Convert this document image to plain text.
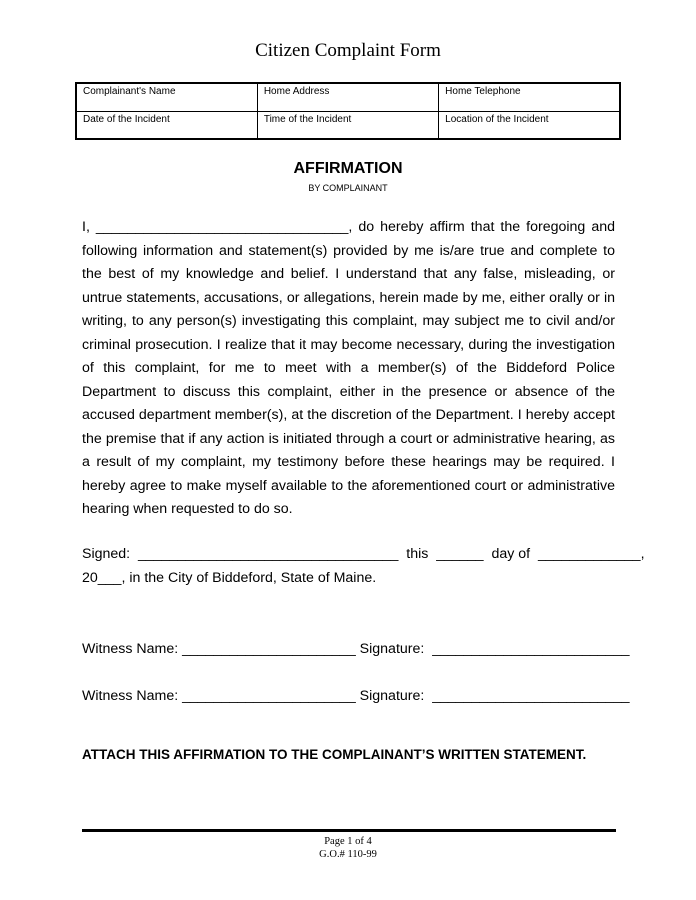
Citizen Complaint Form
Complainant's Name	Home Address	Home Telephone
Date of the Incident	Time of the Incident	Location of the Incident
AFFIRMATION
BY COMPLAINANT

I, ________________________________, do hereby affirm that the foregoing and following information and statement(s) provided by me is/are true and complete to the best of my knowledge and belief. I understand that any false, misleading, or untrue statements, accusations, or allegations, herein made by me, either orally or in writing, to any person(s) investigating this complaint, may subject me to civil and/or criminal prosecution. I realize that it may become necessary, during the investigation of this complaint, for me to meet with a member(s) of the Biddeford Police Department to discuss this complaint, either in the presence or absence of the accused department member(s), at the discretion of the Department. I hereby accept the premise that if any action is initiated through a court or administrative hearing, as a result of my complaint, my testimony before these hearings may be required. I hereby agree to make myself available to the aforementioned court or administrative hearing when requested to do so.

Signed:  _________________________________  this  ______  day of  _____________,
20___, in the City of Biddeford, State of Maine.
Witness Name: ______________________ Signature:  _________________________
Witness Name: ______________________ Signature:  _________________________
ATTACH THIS AFFIRMATION TO THE COMPLAINANT’S WRITTEN STATEMENT.
Page 1 of 4
G.O.# 110-99
